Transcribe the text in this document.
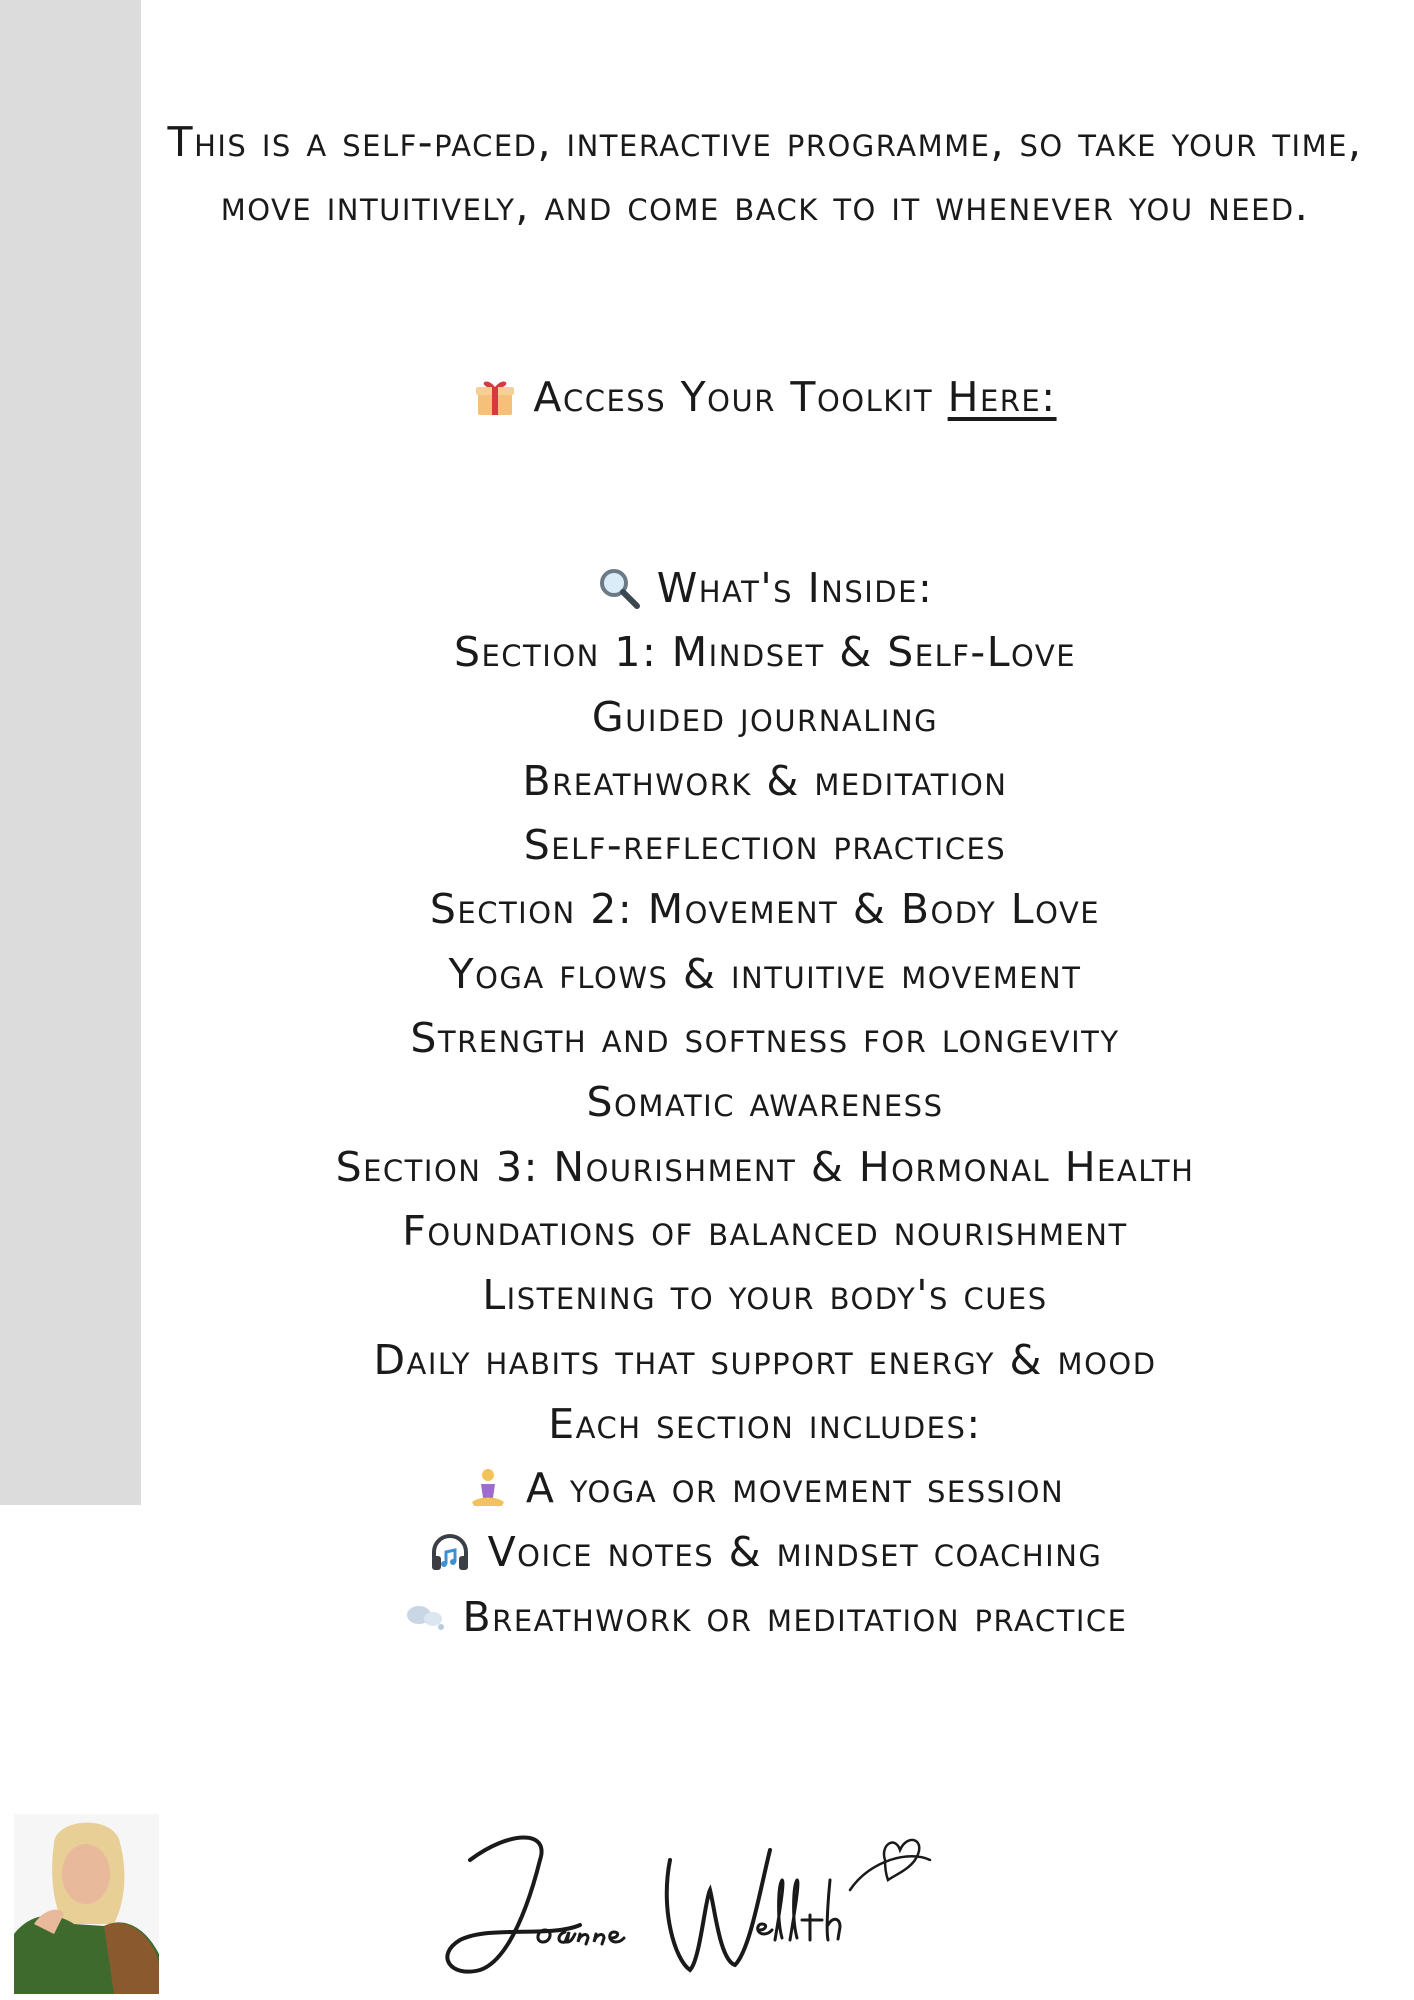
This is a self-paced, interactive programme, so take your time, move intuitively, and come back to it whenever you need.

Access Your Toolkit Here:
What's Inside:
Section 1: Mindset & Self-Love
Guided journaling
Breathwork & meditation
Self-reflection practices
Section 2: Movement & Body Love
Yoga flows & intuitive movement
Strength and softness for longevity
Somatic awareness
Section 3: Nourishment & Hormonal Health
Foundations of balanced nourishment
Listening to your body's cues
Daily habits that support energy & mood
Each section includes:
A yoga or movement session
Voice notes & mindset coaching
Breathwork or meditation practice
